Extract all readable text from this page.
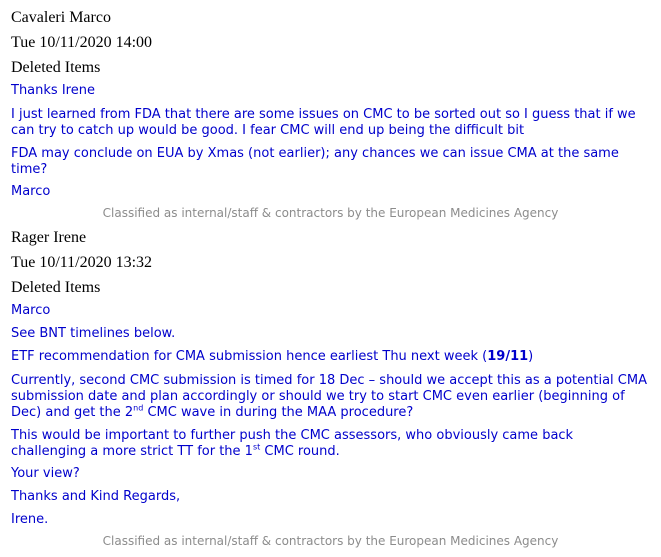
Cavaleri Marco
Tue 10/11/2020 14:00
Deleted Items
Thanks Irene
I just learned from FDA that there are some issues on CMC to be sorted out so I guess that if we can try to catch up would be good. I fear CMC will end up being the difficult bit
FDA may conclude on EUA by Xmas (not earlier); any chances we can issue CMA at the same time?
Marco
Classified as internal/staff & contractors by the European Medicines Agency
Rager Irene
Tue 10/11/2020 13:32
Deleted Items
Marco
See BNT timelines below.
ETF recommendation for CMA submission hence earliest Thu next week (19/11)
Currently, second CMC submission is timed for 18 Dec – should we accept this as a potential CMA submission date and plan accordingly or should we try to start CMC even earlier (beginning of Dec) and get the 2nd CMC wave in during the MAA procedure?
This would be important to further push the CMC assessors, who obviously came back challenging a more strict TT for the 1st CMC round.
Your view?
Thanks and Kind Regards,
Irene.
Classified as internal/staff & contractors by the European Medicines Agency
